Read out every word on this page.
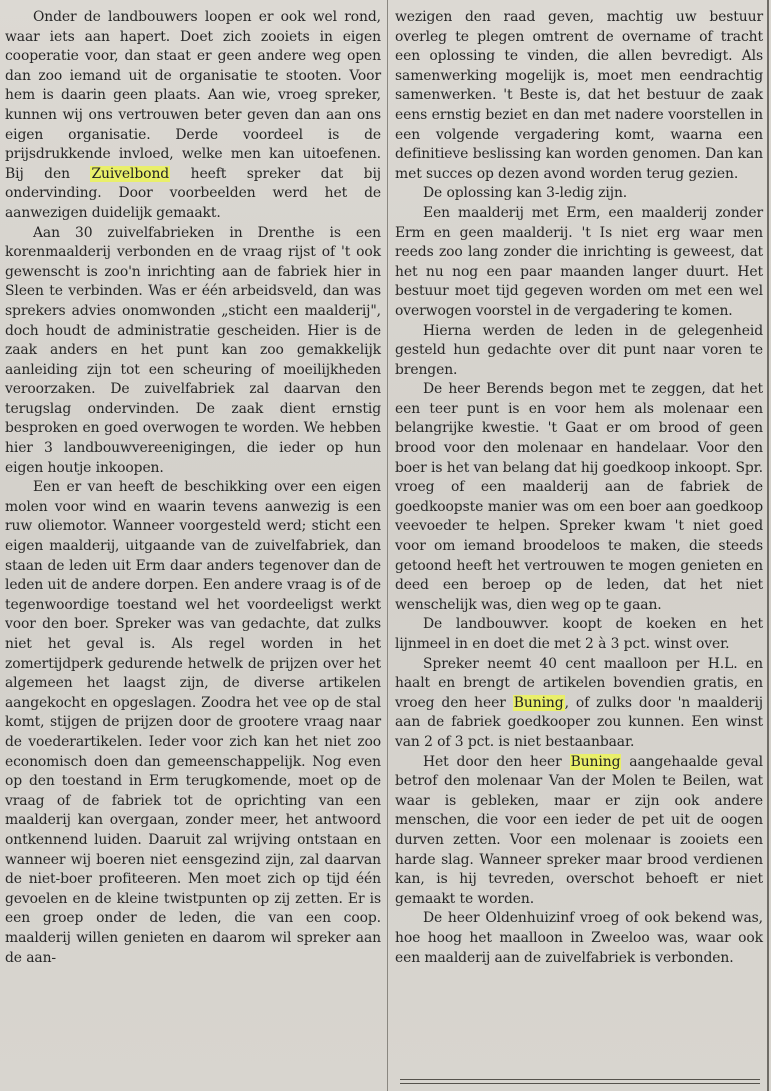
Onder de landbouwers loopen er ook wel rond, waar iets aan hapert. Doet zich zooiets in eigen cooperatie voor, dan staat er geen andere weg open dan zoo iemand uit de organisatie te stooten. Voor hem is daarin geen plaats. Aan wie, vroeg spreker, kunnen wij ons vertrouwen beter geven dan aan ons eigen organisatie. Derde voordeel is de prijsdrukkende invloed, welke men kan uitoefenen. Bij den Zuivelbond heeft spreker dat bij ondervinding. Door voorbeelden werd het de aanwezigen duidelijk gemaakt.

Aan 30 zuivelfabrieken in Drenthe is een korenmaalderij verbonden en de vraag rijst of 't ook gewenscht is zoo'n inrichting aan de fabriek hier in Sleen te verbinden. Was er één arbeidsveld, dan was sprekers advies onomwonden „sticht een maalderij", doch houdt de administratie gescheiden. Hier is de zaak anders en het punt kan zoo gemakkelijk aanleiding zijn tot een scheuring of moeilijkheden veroorzaken. De zuivelfabriek zal daarvan den terugslag ondervinden. De zaak dient ernstig besproken en goed overwogen te worden. We hebben hier 3 landbouwvereenigingen, die ieder op hun eigen houtje inkoopen.

Een er van heeft de beschikking over een eigen molen voor wind en waarin tevens aanwezig is een ruw oliemotor. Wanneer voorgesteld werd; sticht een eigen maalderij, uitgaande van de zuivelfabriek, dan staan de leden uit Erm daar anders tegenover dan de leden uit de andere dorpen. Een andere vraag is of de tegenwoordige toestand wel het voordeeligst werkt voor den boer. Spreker was van gedachte, dat zulks niet het geval is. Als regel worden in het zomertijdperk gedurende hetwelk de prijzen over het algemeen het laagst zijn, de diverse artikelen aangekocht en opgeslagen. Zoodra het vee op de stal komt, stijgen de prijzen door de grootere vraag naar de voederartikelen. Ieder voor zich kan het niet zoo economisch doen dan gemeenschappelijk. Nog even op den toestand in Erm terugkomende, moet op de vraag of de fabriek tot de oprichting van een maalderij kan overgaan, zonder meer, het antwoord ontkennend luiden. Daaruit zal wrijving ontstaan en wanneer wij boeren niet eensgezind zijn, zal daarvan de niet-boer profiteeren. Men moet zich op tijd één gevoelen en de kleine twistpunten op zij zetten. Er is een groep onder de leden, die van een coop. maalderij willen genieten en daarom wil spreker aan de aan-

wezigen den raad geven, machtig uw bestuur overleg te plegen omtrent de overname of tracht een oplossing te vinden, die allen bevredigt. Als samenwerking mogelijk is, moet men eendrachtig samenwerken. 't Beste is, dat het bestuur de zaak eens ernstig beziet en dan met nadere voorstellen in een volgende vergadering komt, waarna een definitieve beslissing kan worden genomen. Dan kan met succes op dezen avond worden terug gezien.

De oplossing kan 3-ledig zijn.

Een maalderij met Erm, een maalderij zonder Erm en geen maalderij. 't Is niet erg waar men reeds zoo lang zonder die inrichting is geweest, dat het nu nog een paar maanden langer duurt. Het bestuur moet tijd gegeven worden om met een wel overwogen voorstel in de vergadering te komen.

Hierna werden de leden in de gelegenheid gesteld hun gedachte over dit punt naar voren te brengen.

De heer Berends begon met te zeggen, dat het een teer punt is en voor hem als molenaar een belangrijke kwestie. 't Gaat er om brood of geen brood voor den molenaar en handelaar. Voor den boer is het van belang dat hij goedkoop inkoopt. Spr. vroeg of een maalderij aan de fabriek de goedkoopste manier was om een boer aan goedkoop veevoeder te helpen. Spreker kwam 't niet goed voor om iemand broodeloos te maken, die steeds getoond heeft het vertrouwen te mogen genieten en deed een beroep op de leden, dat het niet wenschelijk was, dien weg op te gaan.

De landbouwver. koopt de koeken en het lijnmeel in en doet die met 2 à 3 pct. winst over.

Spreker neemt 40 cent maalloon per H.L. en haalt en brengt de artikelen bovendien gratis, en vroeg den heer Buning, of zulks door 'n maalderij aan de fabriek goedkooper zou kunnen. Een winst van 2 of 3 pct. is niet bestaanbaar.

Het door den heer Buning aangehaalde geval betrof den molenaar Van der Molen te Beilen, wat waar is gebleken, maar er zijn ook andere menschen, die voor een ieder de pet uit de oogen durven zetten. Voor een molenaar is zooiets een harde slag. Wanneer spreker maar brood verdienen kan, is hij tevreden, overschot behoeft er niet gemaakt te worden.

De heer Oldenhuizinf vroeg of ook bekend was, hoe hoog het maalloon in Zweeloo was, waar ook een maalderij aan de zuivelfabriek is verbonden.
